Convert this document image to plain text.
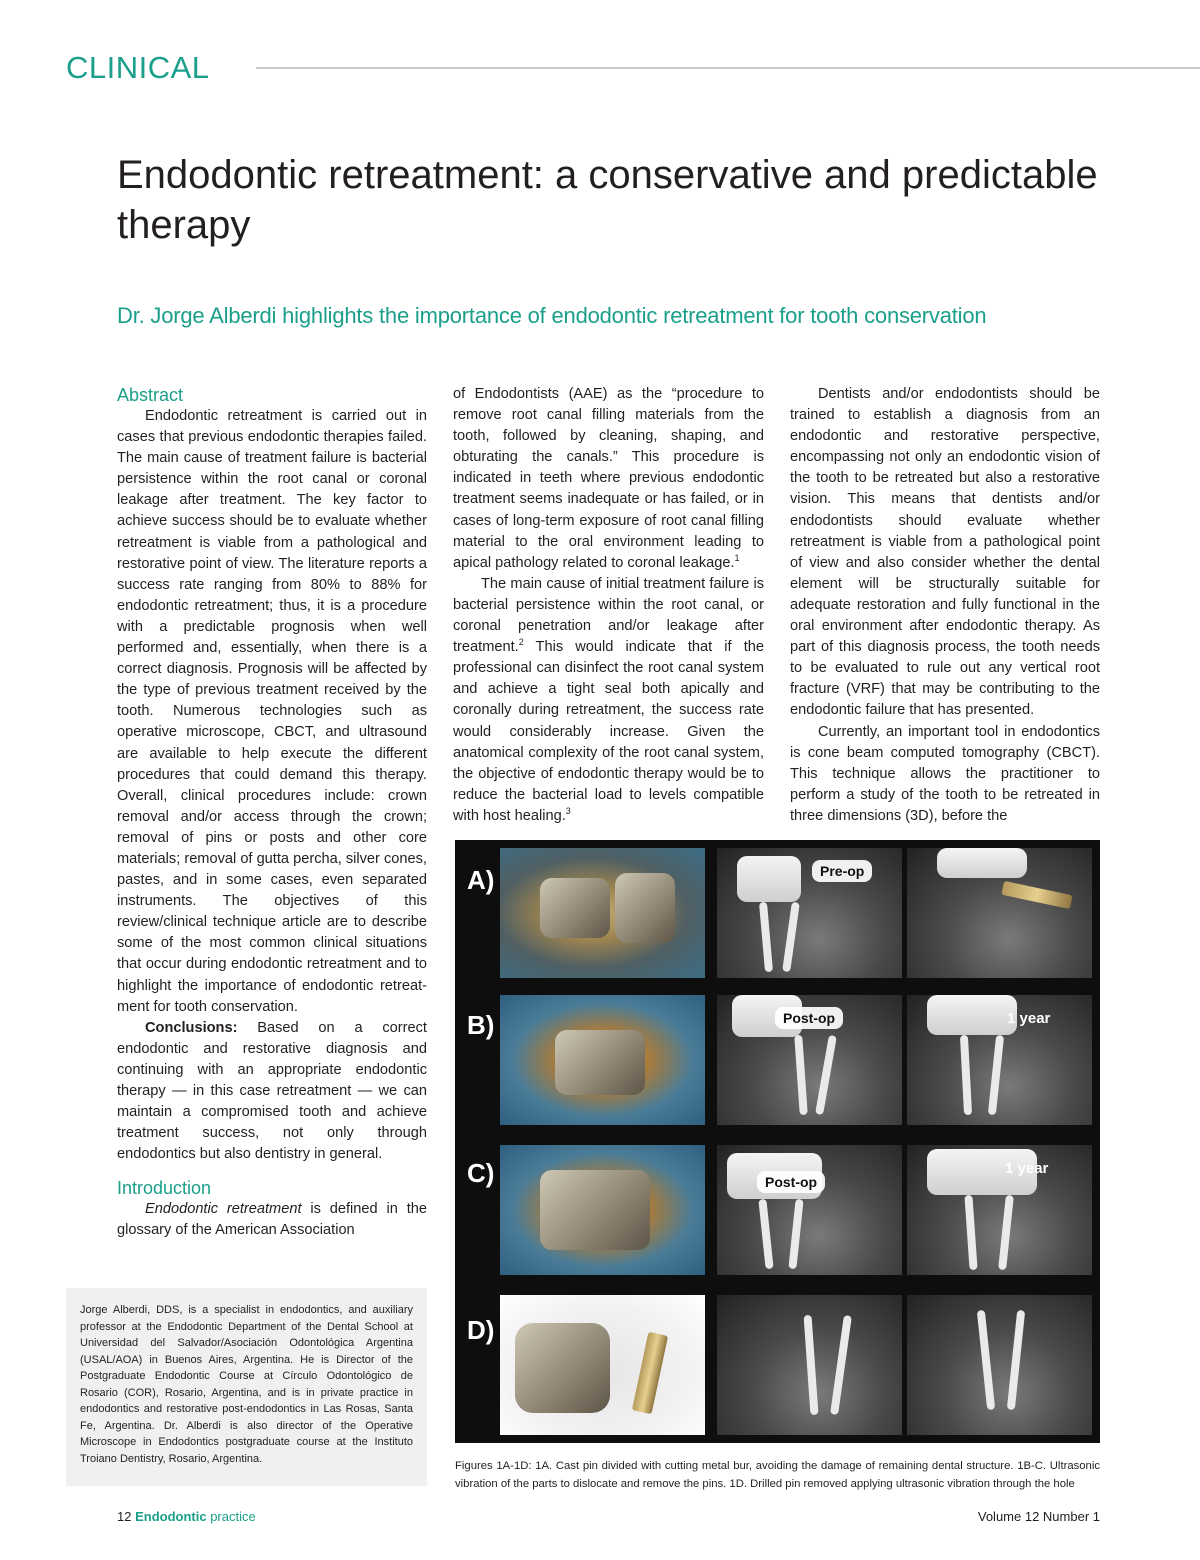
CLINICAL
Endodontic retreatment: a conservative and predictable therapy
Dr. Jorge Alberdi highlights the importance of endodontic retreatment for tooth conservation
Abstract

Endodontic retreatment is carried out in cases that previous endodontic therapies failed. The main cause of treatment failure is bacterial persistence within the root canal or coronal leakage after treatment. The key factor to achieve success should be to evaluate whether retreatment is viable from a pathological and restorative point of view. The literature reports a success rate ranging from 80% to 88% for endodontic retreatment; thus, it is a procedure with a predictable prognosis when well performed and, essentially, when there is a correct diagnosis. Prognosis will be affected by the type of previous treatment received by the tooth. Numerous technologies such as operative microscope, CBCT, and ultrasound are available to help execute the different procedures that could demand this therapy. Overall, clinical procedures include: crown removal and/or access through the crown; removal of pins or posts and other core materials; removal of gutta percha, silver cones, pastes, and in some cases, even separated instruments. The objectives of this review/clinical technique article are to describe some of the most common clinical situations that occur during endodontic retreatment and to highlight the importance of endodontic retreatment for tooth conservation.

Conclusions: Based on a correct endodontic and restorative diagnosis and continuing with an appropriate endodontic therapy — in this case retreatment — we can maintain a compromised tooth and achieve treatment success, not only through endodontics but also dentistry in general.

Introduction

Endodontic retreatment is defined in the glossary of the American Association

of Endodontists (AAE) as the “procedure to remove root canal filling materials from the tooth, followed by cleaning, shaping, and obturating the canals.” This procedure is indicated in teeth where previous endodontic treatment seems inadequate or has failed, or in cases of long-term exposure of root canal filling material to the oral environment leading to apical pathology related to coronal leakage.$^1$

The main cause of initial treatment failure is bacterial persistence within the root canal, or coronal penetration and/or leakage after treatment.$^2$ This would indicate that if the professional can disinfect the root canal system and achieve a tight seal both apically and coronally during retreatment, the success rate would considerably increase. Given the anatomical complexity of the root canal system, the objective of endodontic therapy would be to reduce the bacterial load to levels compatible with host healing.$^3$

Dentists and/or endodontists should be trained to establish a diagnosis from an endodontic and restorative perspective, encompassing not only an endodontic vision of the tooth to be retreated but also a restorative vision. This means that dentists and/or endodontists should evaluate whether retreatment is viable from a pathological point of view and also consider whether the dental element will be structurally suitable for adequate restoration and fully functional in the oral environment after endodontic therapy. As part of this diagnosis process, the tooth needs to be evaluated to rule out any vertical root fracture (VRF) that may be contributing to the endodontic failure that has presented.

Currently, an important tool in endodontics is cone beam computed tomography (CBCT). This technique allows the practitioner to perform a study of the tooth to be retreated in three dimensions (3D), before the

Jorge Alberdi, DDS, is a specialist in endodontics, and auxiliary professor at the Endodontic Department of the Dental School at Universidad del Salvador/Asociación Odontológica Argentina (USAL/AOA) in Buenos Aires, Argentina. He is Director of the Postgraduate Endodontic Course at Círculo Odontológico de Rosario (COR), Rosario, Argentina, and is in private practice in endodontics and restorative post-endodontics in Las Rosas, Santa Fe, Argentina. Dr. Alberdi is also director of the Operative Microscope in Endodontics postgraduate course at the Instituto Troiano Dentistry, Rosario, Argentina.
A)	Pre-op
B)	Post-op	1 year
C)	Post-op
1 year
D)
Figures 1A-1D: 1A. Cast pin divided with cutting metal bur, avoiding the damage of remaining dental structure. 1B-C. Ultrasonic vibration of the parts to dislocate and remove the pins. 1D. Drilled pin removed applying ultrasonic vibration through the hole
12 Endodontic practice	Volume 12 Number 1
